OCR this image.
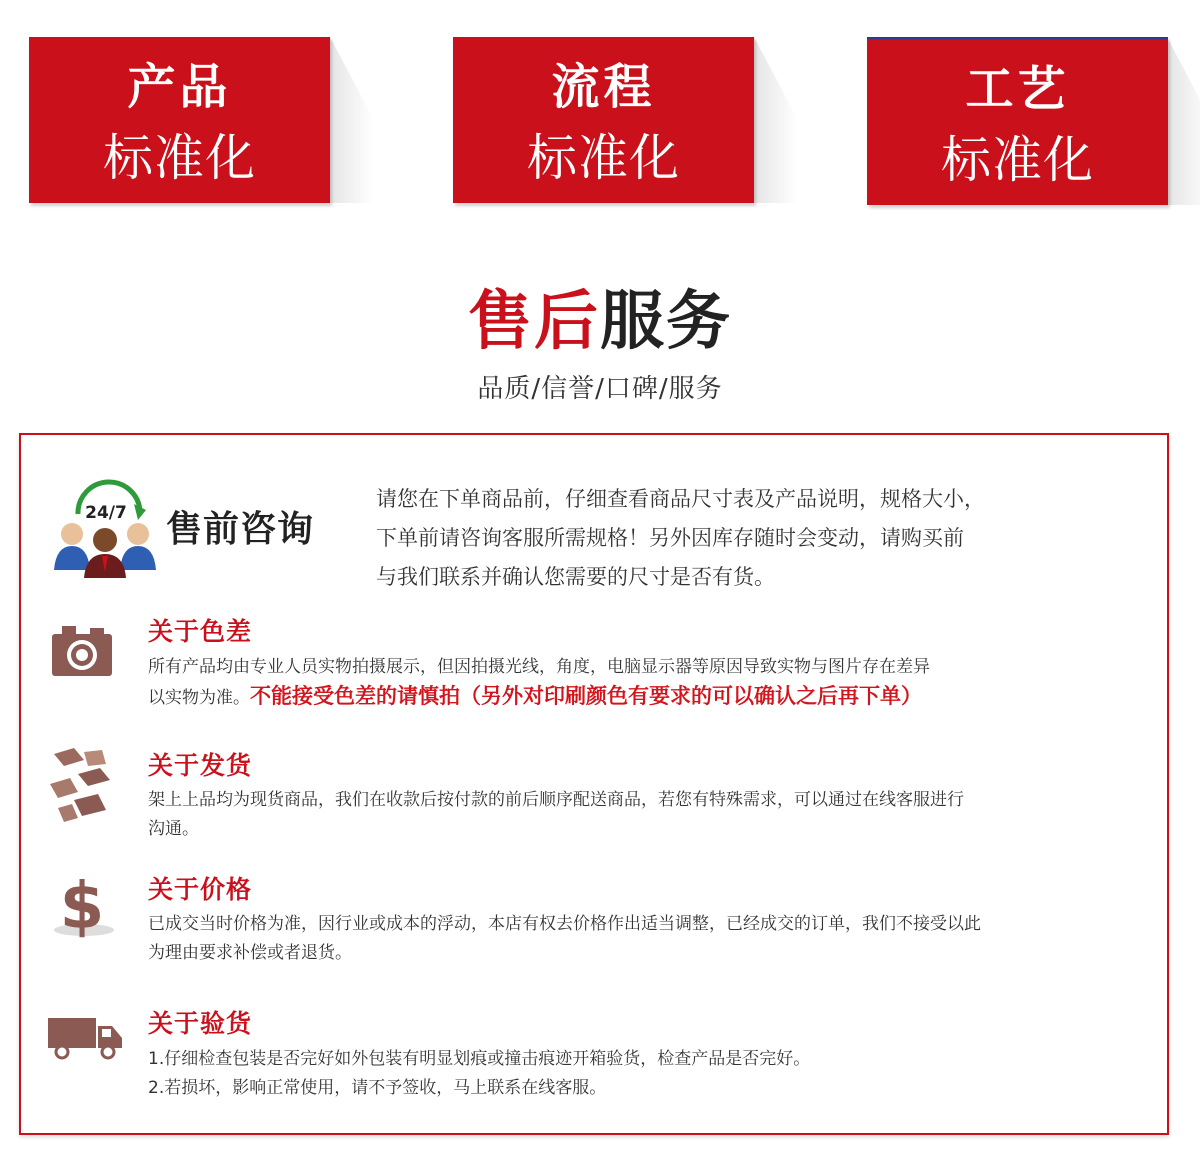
产品
标准化
流程
标准化
工艺
标准化
售后服务
品质/信誉/口碑/服务
24/7 售前咨询
请您在下单商品前，仔细查看商品尺寸表及产品说明，规格大小，
下单前请咨询客服所需规格！另外因库存随时会变动，请购买前
与我们联系并确认您需要的尺寸是否有货。
关于色差
所有产品均由专业人员实物拍摄展示，但因拍摄光线，角度，电脑显示器等原因导致实物与图片存在差异
以实物为准。不能接受色差的请慎拍（另外对印刷颜色有要求的可以确认之后再下单）
关于发货
架上上品均为现货商品，我们在收款后按付款的前后顺序配送商品，若您有特殊需求，可以通过在线客服进行
沟通。
$ 关于价格
已成交当时价格为准，因行业或成本的浮动，本店有权去价格作出适当调整，已经成交的订单，我们不接受以此
为理由要求补偿或者退货。
关于验货
1.仔细检查包装是否完好如外包装有明显划痕或撞击痕迹开箱验货，检查产品是否完好。
2.若损坏，影响正常使用，请不予签收，马上联系在线客服。
